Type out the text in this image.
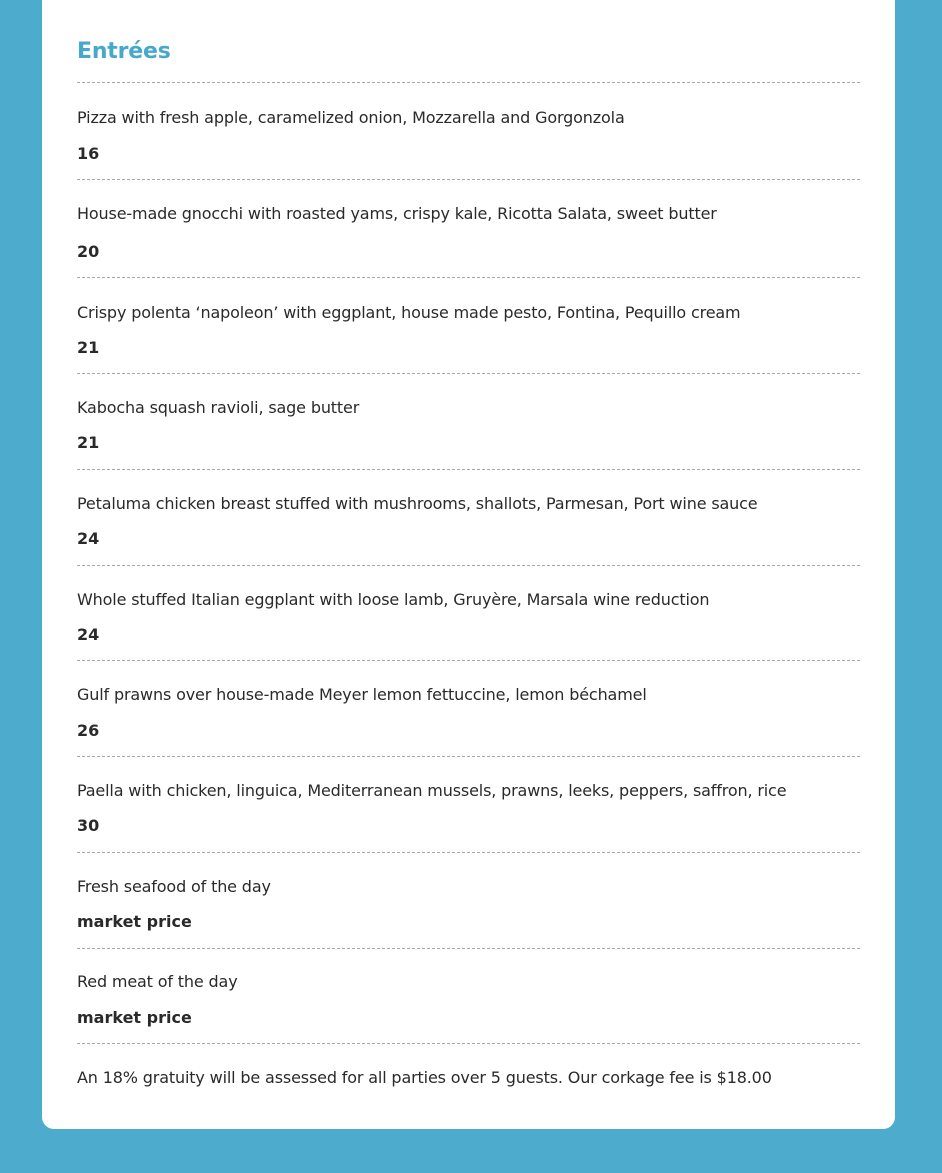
Entrées

Pizza with fresh apple, caramelized onion, Mozzarella and Gorgonzola

16

House-made gnocchi with roasted yams, crispy kale, Ricotta Salata, sweet butter

20

Crispy polenta ‘napoleon’ with eggplant, house made pesto, Fontina, Pequillo cream

21

Kabocha squash ravioli, sage butter

21

Petaluma chicken breast stuffed with mushrooms, shallots, Parmesan, Port wine sauce

24

Whole stuffed Italian eggplant with loose lamb, Gruyère, Marsala wine reduction

24

Gulf prawns over house-made Meyer lemon fettuccine, lemon béchamel

26

Paella with chicken, linguica, Mediterranean mussels, prawns, leeks, peppers, saffron, rice

30

Fresh seafood of the day

market price

Red meat of the day

market price

An 18% gratuity will be assessed for all parties over 5 guests. Our corkage fee is $18.00
